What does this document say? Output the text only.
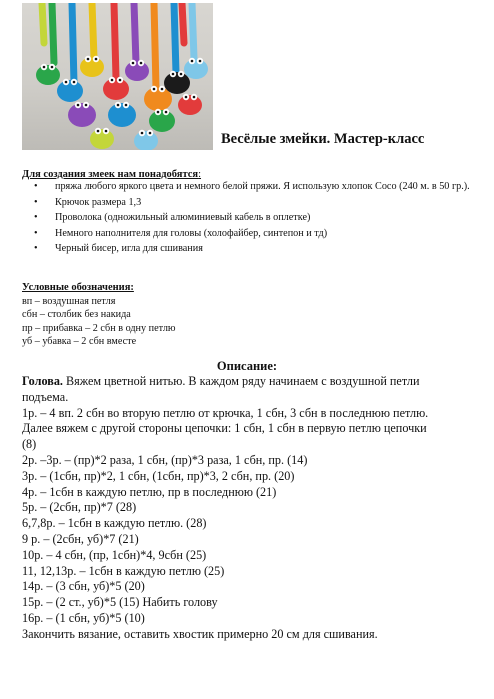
Весёлые змейки. Мастер-класс
Для создания змеек нам понадобятся:
• пряжа любого яркого цвета и немного белой пряжи. Я использую хлопок Coco (240 м. в 50 гр.).
• Крючок размера 1,3
• Проволока (одножильный алюминиевый кабель в оплетке)
• Немного наполнителя для головы (холофайбер, синтепон и тд)
• Черный бисер, игла для сшивания
Условные обозначения:
вп – воздушная петля
сбн – столбик без накида
пр – прибавка – 2 сбн в одну петлю
уб – убавка – 2 сбн вместе
Описание:
Голова. Вяжем цветной нитью. В каждом ряду начинаем с воздушной петли
подъема.
1р. – 4 вп. 2 сбн во вторую петлю от крючка, 1 сбн, 3 сбн в последнюю петлю.
Далее вяжем с другой стороны цепочки: 1 сбн, 1 сбн в первую петлю цепочки
(8)
2р. –3р. – (пр)*2 раза, 1 сбн, (пр)*3 раза, 1 сбн, пр. (14)
3р. – (1сбн, пр)*2, 1 сбн, (1сбн, пр)*3, 2 сбн, пр. (20)
4р. – 1сбн в каждую петлю, пр в последнюю (21)
5р. – (2сбн, пр)*7 (28)
6,7,8р. – 1сбн в каждую петлю. (28)
9 р. – (2сбн, уб)*7 (21)
10р. – 4 сбн, (пр, 1сбн)*4, 9сбн (25)
11, 12,13р. – 1сбн в каждую петлю (25)
14р. – (3 сбн, уб)*5 (20)
15р. – (2 ст., уб)*5 (15) Набить голову
16р. – (1 сбн, уб)*5 (10)
Закончить вязание, оставить хвостик примерно 20 см для сшивания.
